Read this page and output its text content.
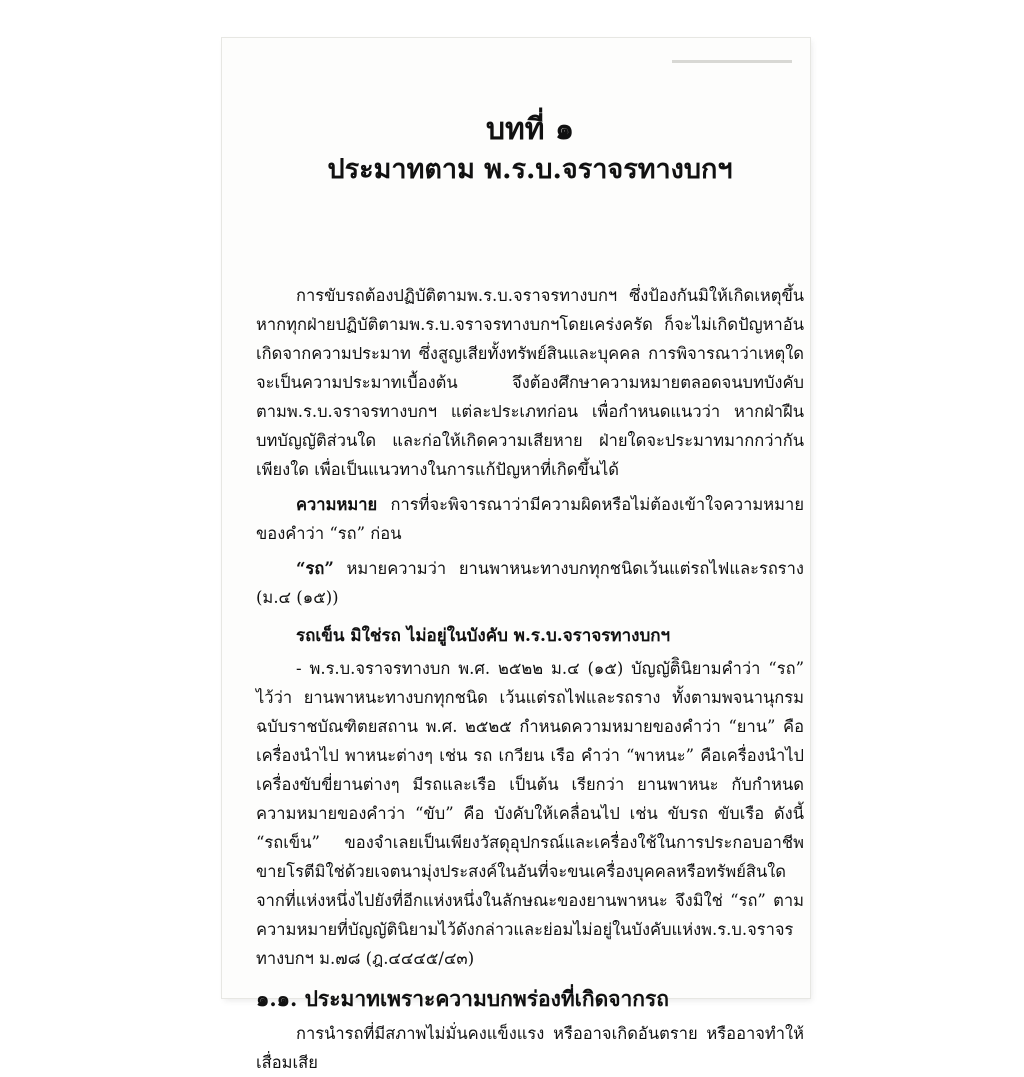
บทที่ ๑
ประมาทตาม พ.ร.บ.จราจรทางบกฯ

การขับรถต้องปฏิบัติตามพ.ร.บ.จราจรทางบกฯ ซึ่งป้องกันมิให้เกิดเหตุขึ้น หากทุกฝ่ายปฏิบัติตามพ.ร.บ.จราจรทางบกฯโดยเคร่งครัด ก็จะไม่เกิดปัญหาอันเกิดจากความประมาท ซึ่งสูญเสียทั้งทรัพย์สินและบุคคล การพิจารณาว่าเหตุใดจะเป็นความประมาทเบื้องต้น จึงต้องศึกษาความหมายตลอดจนบทบังคับ ตามพ.ร.บ.จราจรทางบกฯ แต่ละประเภทก่อน เพื่อกำหนดแนวว่า หากฝ่าฝืนบทบัญญัติส่วนใด และก่อให้เกิดความเสียหาย ฝ่ายใดจะประมาทมากกว่ากันเพียงใด เพื่อเป็นแนวทางในการแก้ปัญหาที่เกิดขึ้นได้

ความหมาย การที่จะพิจารณาว่ามีความผิดหรือไม่ต้องเข้าใจความหมายของคำว่า “รถ” ก่อน

“รถ” หมายความว่า ยานพาหนะทางบกทุกชนิดเว้นแต่รถไฟและรถราง (ม.๔ (๑๕))

รถเข็น มิใช่รถ ไม่อยู่ในบังคับ พ.ร.บ.จราจรทางบกฯ

- พ.ร.บ.จราจรทางบก พ.ศ. ๒๕๒๒ ม.๔ (๑๕) บัญญัติินิยามคำว่า “รถ” ไว้ว่า ยานพาหนะทางบกทุกชนิด เว้นแต่รถไฟและรถราง ทั้งตามพจนานุกรมฉบับราชบัณฑิตยสถาน พ.ศ. ๒๕๒๕ กำหนดความหมายของคำว่า “ยาน” คือ เครื่องนำไป พาหนะต่างๆ เช่น รถ เกวียน เรือ คำว่า “พาหนะ” คือเครื่องนำไป เครื่องขับขี่ยานต่างๆ มีรถและเรือ เป็นต้น เรียกว่า ยานพาหนะ กับกำหนดความหมายของคำว่า “ขับ” คือ บังคับให้เคลื่อนไป เช่น ขับรถ ขับเรือ ดังนี้ “รถเข็น” ของจำเลยเป็นเพียงวัสดุอุปกรณ์และเครื่องใช้ในการประกอบอาชีพขายโรตีมิใช่ด้วยเจตนามุ่งประสงค์ในอันที่จะขนเครื่องบุคคลหรือทรัพย์สินใดจากที่แห่งหนึ่งไปยังที่อีกแห่งหนึ่งในลักษณะของยานพาหนะ จึงมิใช่ “รถ” ตามความหมายที่บัญญัตินิยามไว้ดังกล่าวและย่อมไม่อยู่ในบังคับแห่งพ.ร.บ.จราจรทางบกฯ ม.๗๘ (ฎ.๔๔๔๕/๔๓)

๑.๑. ประมาทเพราะความบกพร่องที่เกิดจากรถ

การนำรถที่มีสภาพไม่มั่นคงแข็งแรง หรืออาจเกิดอันตราย หรืออาจทำให้เสื่อมเสีย
